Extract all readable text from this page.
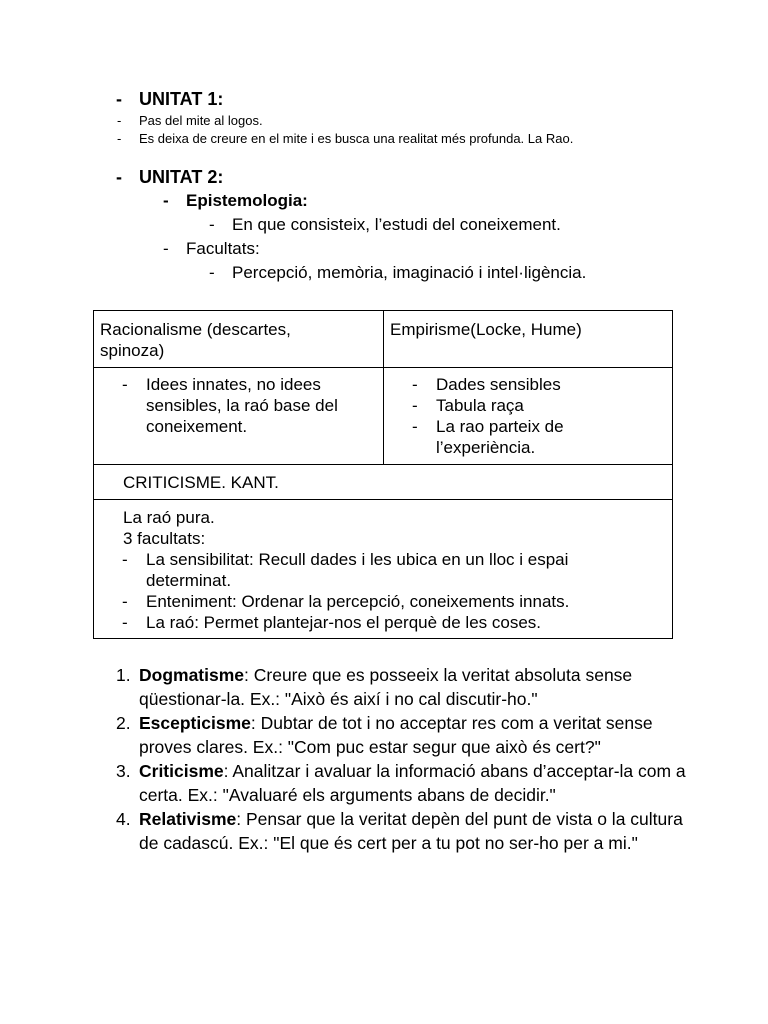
- UNITAT 1:
- Pas del mite al logos.
- Es deixa de creure en el mite i es busca una realitat més profunda. La Rao.
- UNITAT 2:
- Epistemologia:
- En que consisteix, l’estudi del coneixement.
- Facultats:
- Percepció, memòria, imaginació i intel·ligència.
Racionalisme (descartes,
spinoza)
Empirisme(Locke, Hume)
- Idees innates, no idees
sensibles, la raó base del
coneixement.
- Dades sensibles
- Tabula raça
- La rao parteix de
l’experiència.
CRITICISME. KANT.
La raó pura.
3 facultats:
- La sensibilitat: Recull dades i les ubica en un lloc i espai
determinat.
- Enteniment: Ordenar la percepció, coneixements innats.
- La raó: Permet plantejar-nos el perquè de les coses.
1. Dogmatisme: Creure que es posseeix la veritat absoluta sense qüestionar-la. Ex.: "Això és així i no cal discutir-ho."
2. Escepticisme: Dubtar de tot i no acceptar res com a veritat sense proves clares. Ex.: "Com puc estar segur que això és cert?"
3. Criticisme: Analitzar i avaluar la informació abans d’acceptar-la com a certa. Ex.: "Avaluaré els arguments abans de decidir."
4. Relativisme: Pensar que la veritat depèn del punt de vista o la cultura de cadascú. Ex.: "El que és cert per a tu pot no ser-ho per a mi."
